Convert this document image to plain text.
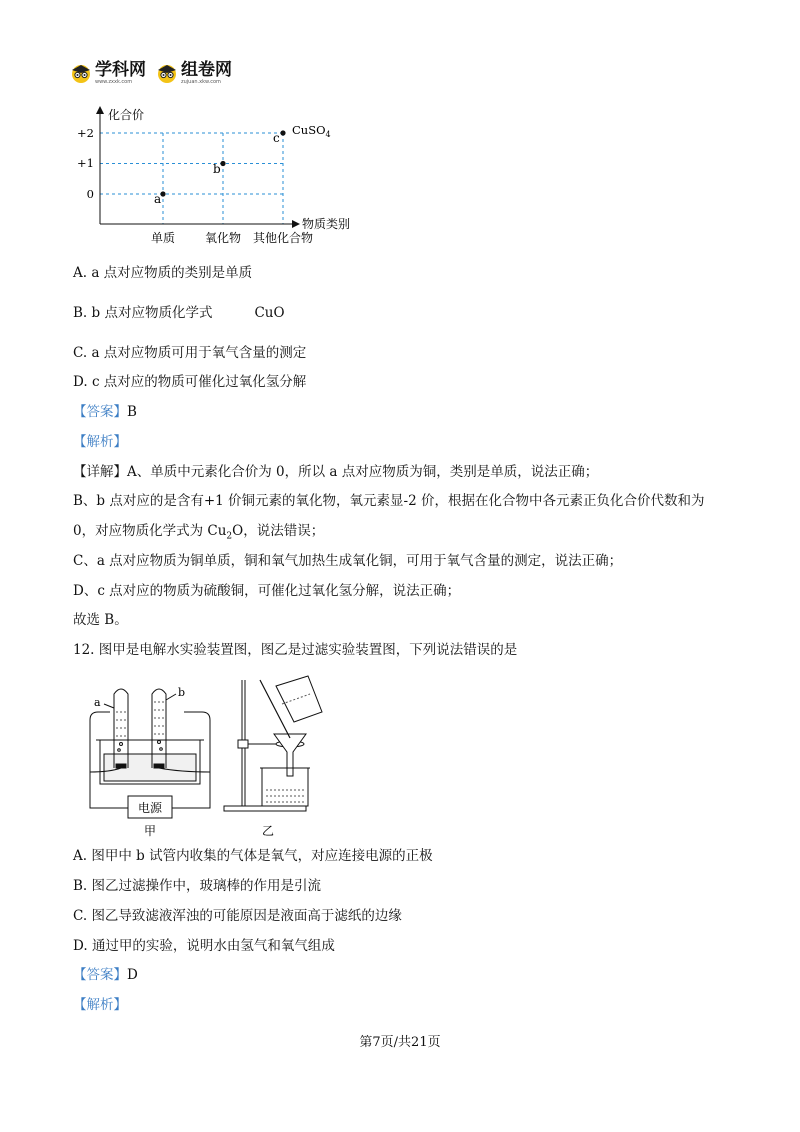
学科网
www.zxxk.com
组卷网
zujuan.xkw.com
化合价
物质类别
+2
+1
0
单质 氧化物 其他化合物
a
b
c
CuSO$_4$
A. a 点对应物质的类别是单质
B. b 点对应物质化学式	CuO
C. a 点对应物质可用于氧气含量的测定
D. c 点对应的物质可催化过氧化氢分解
【答案】B
【解析】
【详解】A、单质中元素化合价为 0，所以 a 点对应物质为铜，类别是单质，说法正确；
B、b 点对应的是含有+1 价铜元素的氧化物，氧元素显-2 价，根据在化合物中各元素正负化合价代数和为
0，对应物质化学式为 $Cu_2O$，说法错误；
C、a 点对应物质为铜单质，铜和氧气加热生成氧化铜，可用于氧气含量的测定，说法正确；
D、c 点对应的物质为硫酸铜，可催化过氧化氢分解，说法正确；
故选 B。
12. 图甲是电解水实验装置图，图乙是过滤实验装置图，下列说法错误的是
a
b
电源
甲	乙
A. 图甲中 b 试管内收集的气体是氧气，对应连接电源的正极
B. 图乙过滤操作中，玻璃棒的作用是引流
C. 图乙导致滤液浑浊的可能原因是液面高于滤纸的边缘
D. 通过甲的实验，说明水由氢气和氧气组成
【答案】D
【解析】
第7页/共21页
